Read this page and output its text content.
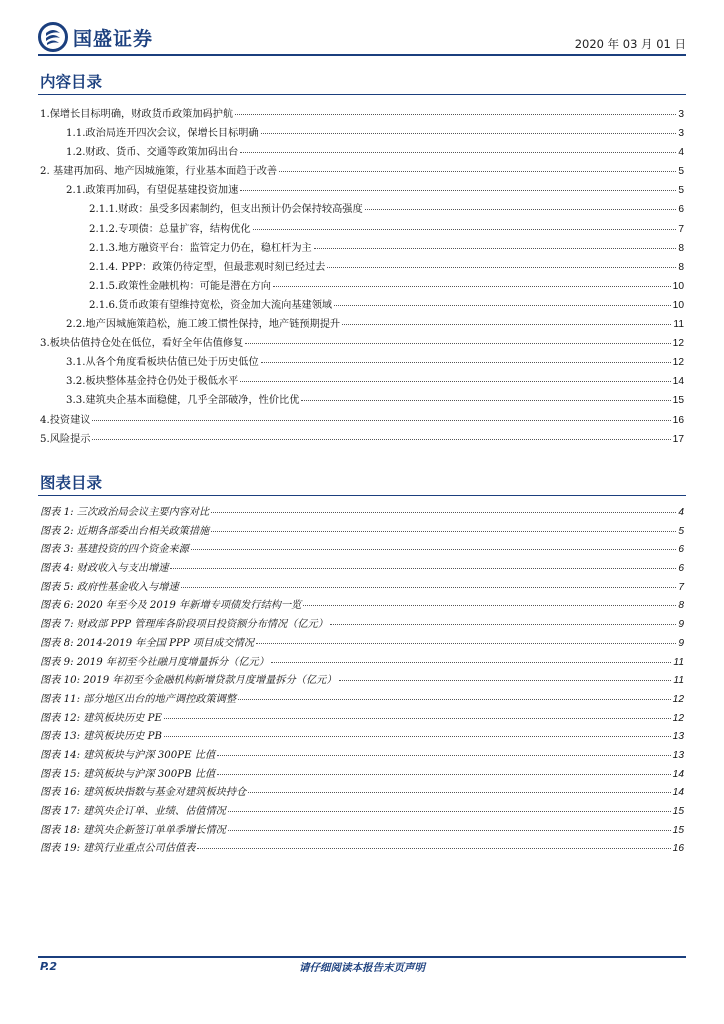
国盛证券	2020 年 03 月 01 日
内容目录
1.保增长目标明确，财政货币政策加码护航	3
1.1.政治局连开四次会议，保增长目标明确	3
1.2.财政、货币、交通等政策加码出台	4
2. 基建再加码、地产因城施策，行业基本面趋于改善	5
2.1.政策再加码，有望促基建投资加速	5
2.1.1.财政：虽受多因素制约，但支出预计仍会保持较高强度	6
2.1.2.专项债：总量扩容，结构优化	7
2.1.3.地方融资平台：监管定力仍在，稳杠杆为主	8
2.1.4. PPP：政策仍待定型，但最悲观时刻已经过去	8
2.1.5.政策性金融机构：可能是潜在方向	10
2.1.6.货币政策有望维持宽松，资金加大流向基建领域	10
2.2.地产因城施策趋松，施工竣工惯性保持，地产链预期提升	11
3.板块估值持仓处在低位，看好全年估值修复	12
3.1.从各个角度看板块估值已处于历史低位	12
3.2.板块整体基金持仓仍处于极低水平	14
3.3.建筑央企基本面稳健，几乎全部破净，性价比优	15
4.投资建议	16
5.风险提示	17
图表目录
图表 1: 三次政治局会议主要内容对比	4
图表 2: 近期各部委出台相关政策措施	5
图表 3: 基建投资的四个资金来源	6
图表 4: 财政收入与支出增速	6
图表 5: 政府性基金收入与增速	7
图表 6: 2020 年至今及 2019 年新增专项债发行结构一览	8
图表 7: 财政部 PPP 管理库各阶段项目投资额分布情况（亿元）	9
图表 8: 2014-2019 年全国 PPP 项目成交情况	9
图表 9: 2019 年初至今社融月度增量拆分（亿元）	11
图表 10: 2019 年初至今金融机构新增贷款月度增量拆分（亿元）	11
图表 11: 部分地区出台的地产调控政策调整	12
图表 12: 建筑板块历史 PE	12
图表 13: 建筑板块历史 PB	13
图表 14: 建筑板块与沪深 300PE 比值	13
图表 15: 建筑板块与沪深 300PB 比值	14
图表 16: 建筑板块指数与基金对建筑板块持仓	14
图表 17: 建筑央企订单、业绩、估值情况	15
图表 18: 建筑央企新签订单单季增长情况	15
图表 19: 建筑行业重点公司估值表	16
P.2	请仔细阅读本报告末页声明
